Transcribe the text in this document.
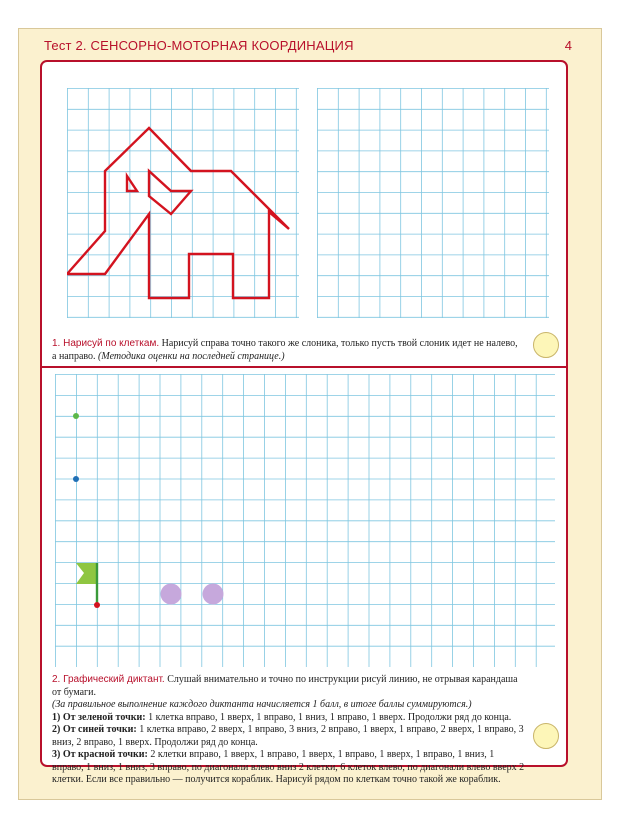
Тест 2. СЕНСОРНО-МОТОРНАЯ КООРДИНАЦИЯ	4
1. Нарисуй по клеткам. Нарисуй справа точно такого же слоника, только пусть твой слоник идет не налево, а направо. (Методика оценки на последней странице.)
2. Графический диктант. Слушай внимательно и точно по инструкции рисуй линию, не отрывая карандаша от бумаги.
(За правильное выполнение каждого диктанта начисляется 1 балл, в итоге баллы суммируются.)
1) От зеленой точки: 1 клетка вправо, 1 вверх, 1 вправо, 1 вниз, 1 вправо, 1 вверх. Продолжи ряд до конца.
2) От синей точки: 1 клетка вправо, 2 вверх, 1 вправо, 3 вниз, 2 вправо, 1 вверх, 1 вправо, 2 вверх, 1 вправо, 3 вниз, 2 вправо, 1 вверх. Продолжи ряд до конца.
3) От красной точки: 2 клетки вправо, 1 вверх, 1 вправо, 1 вверх, 1 вправо, 1 вверх, 1 вправо, 1 вниз, 1 вправо, 1 вниз, 1 вниз, 3 вправо, по диагонали влево вниз 2 клетки, 6 клеток влево, по диагонали влево вверх 2 клетки. Если все правильно — получится кораблик. Нарисуй рядом по клеткам точно такой же кораблик.
